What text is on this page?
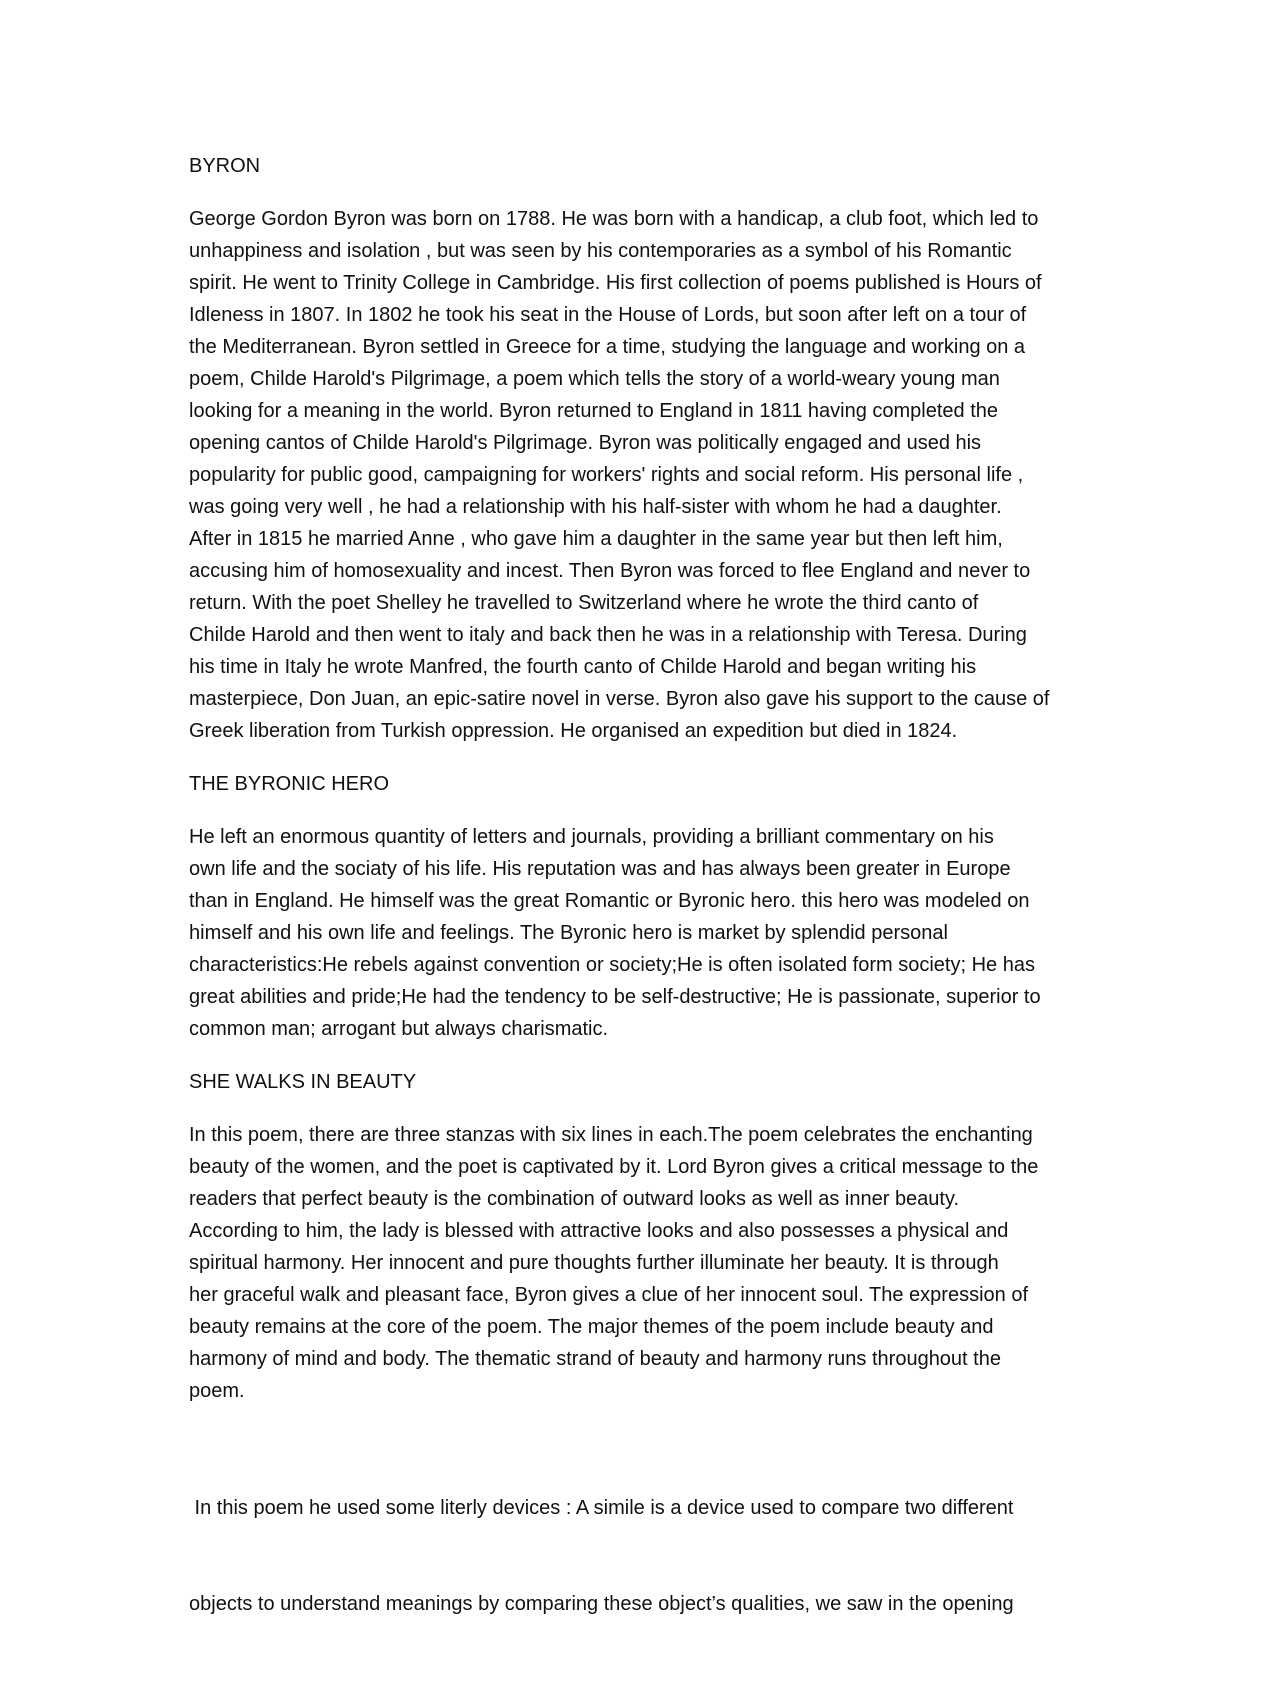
BYRON
George Gordon Byron was born on 1788. He was born with a handicap, a club foot, which led to
unhappiness and isolation , but was seen by his contemporaries as a symbol of his Romantic
spirit. He went to Trinity College in Cambridge. His first collection of poems published is Hours of
Idleness in 1807. In 1802 he took his seat in the House of Lords, but soon after left on a tour of
the Mediterranean. Byron settled in Greece for a time, studying the language and working on a
poem, Childe Harold's Pilgrimage, a poem which tells the story of a world-weary young man
looking for a meaning in the world. Byron returned to England in 1811 having completed the
opening cantos of Childe Harold's Pilgrimage. Byron was politically engaged and used his
popularity for public good, campaigning for workers' rights and social reform. His personal life ,
was going very well , he had a relationship with his half-sister with whom he had a daughter.
After in 1815 he married Anne , who gave him a daughter in the same year but then left him,
accusing him of homosexuality and incest. Then Byron was forced to flee England and never to
return. With the poet Shelley he travelled to Switzerland where he wrote the third canto of
Childe Harold and then went to italy and back then he was in a relationship with Teresa. During
his time in Italy he wrote Manfred, the fourth canto of Childe Harold and began writing his
masterpiece, Don Juan, an epic-satire novel in verse. Byron also gave his support to the cause of
Greek liberation from Turkish oppression. He organised an expedition but died in 1824.
THE BYRONIC HERO
He left an enormous quantity of letters and journals, providing a brilliant commentary on his
own life and the sociaty of his life. His reputation was and has always been greater in Europe
than in England. He himself was the great Romantic or Byronic hero. this hero was modeled on
himself and his own life and feelings. The Byronic hero is market by splendid personal
characteristics:He rebels against convention or society;He is often isolated form society; He has
great abilities and pride;He had the tendency to be self-destructive; He is passionate, superior to
common man; arrogant but always charismatic.
SHE WALKS IN BEAUTY
In this poem, there are three stanzas with six lines in each.The poem celebrates the enchanting
beauty of the women, and the poet is captivated by it. Lord Byron gives a critical message to the
readers that perfect beauty is the combination of outward looks as well as inner beauty.
According to him, the lady is blessed with attractive looks and also possesses a physical and
spiritual harmony. Her innocent and pure thoughts further illuminate her beauty. It is through
her graceful walk and pleasant face, Byron gives a clue of her innocent soul. The expression of
beauty remains at the core of the poem. The major themes of the poem include beauty and
harmony of mind and body. The thematic strand of beauty and harmony runs throughout the
poem.

In this poem he used some literly devices : A simile is a device used to compare two different

objects to understand meanings by comparing these object’s qualities, we saw in the opening
